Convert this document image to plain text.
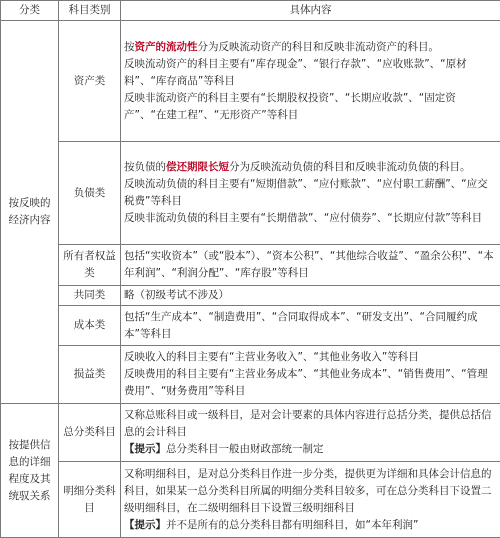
分类	科目类别	具体内容
按反映的经济内容	资产类	按资产的流动性分为反映流动资产的科目和反映非流动资产的科目。

反映流动资产的科目主要有“库存现金”、“银行存款”、“应收账款”、“原材料”、“库存商品”等科目

反映非流动资产的科目主要有“长期股权投资”、“长期应收款”、“固定资产”、“在建工程”、“无形资产”等科目

	负债类	按负债的偿还期限长短分为反映流动负债的科目和反映非流动负债的科目。

反映流动负债的科目主要有“短期借款”、“应付账款”、“应付职工薪酬”、“应交税费”等科目

反映非流动负债的科目主要有“长期借款”、“应付债券”、“长期应付款”等科目

	所有者权益类	包括“实收资本”（或“股本”）、“资本公积”、“其他综合收益”、“盈余公积”、“本年利润”、“利润分配”、“库存股”等科目
	共同类	略（初级考试不涉及）
	成本类	包括“生产成本”、“制造费用”、“合同取得成本”、“研发支出”、“合同履约成本”等科目
	损益类	反映收入的科目主要有“主营业务收入”、“其他业务收入”等科目

反映费用的科目主要有“主营业务成本”、“其他业务成本”、“销售费用”、“管理费用”、“财务费用”等科目

按提供信息的详细程度及其统驭关系	总分类科目	又称总账科目或一级科目，是对会计要素的具体内容进行总括分类，提供总括信息的会计科目

【提示】总分类科目一般由财政部统一制定

	明细分类科目	又称明细科目，是对总分类科目作进一步分类，提供更为详细和具体会计信息的科目，如果某一总分类科目所属的明细分类科目较多，可在总分类科目下设置二级明细科目，在二级明细科目下设置三级明细科目

【提示】并不是所有的总分类科目都有明细科目，如“本年利润”
